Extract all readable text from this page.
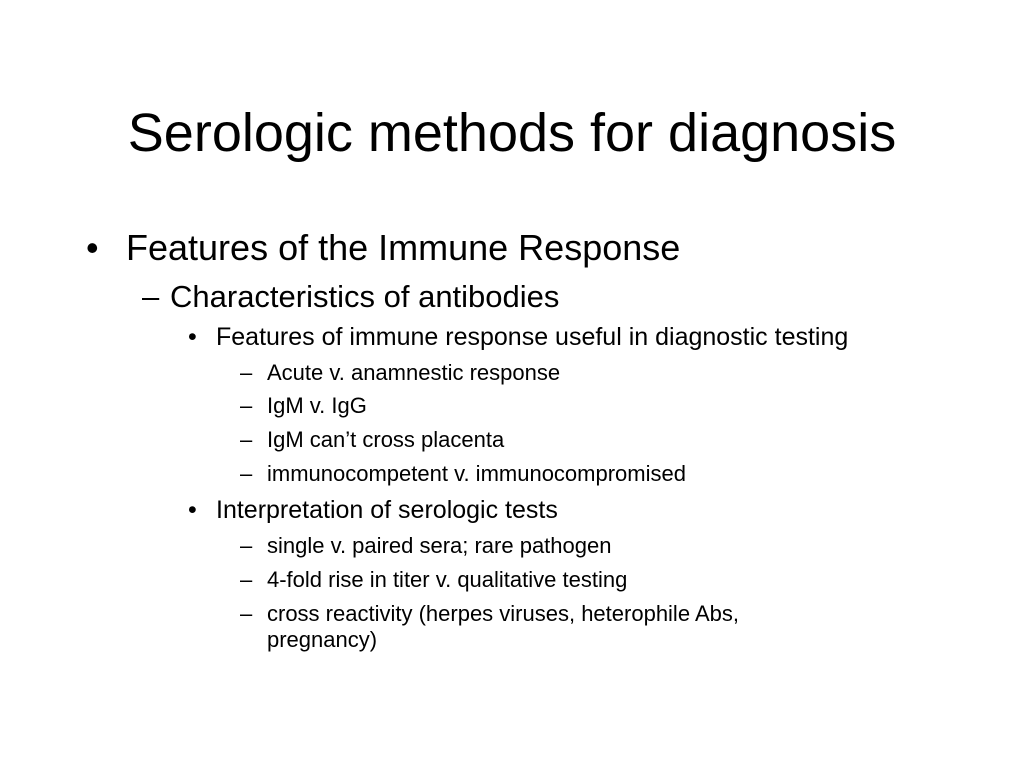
Serologic methods for diagnosis
• Features of the Immune Response
– Characteristics of antibodies
• Features of immune response useful in diagnostic testing
– Acute v. anamnestic response
– IgM v. IgG
– IgM can’t cross placenta
– immunocompetent v. immunocompromised
• Interpretation of serologic tests
– single v. paired sera; rare pathogen
– 4-fold rise in titer v. qualitative testing
– cross reactivity (herpes viruses, heterophile Abs, pregnancy)
